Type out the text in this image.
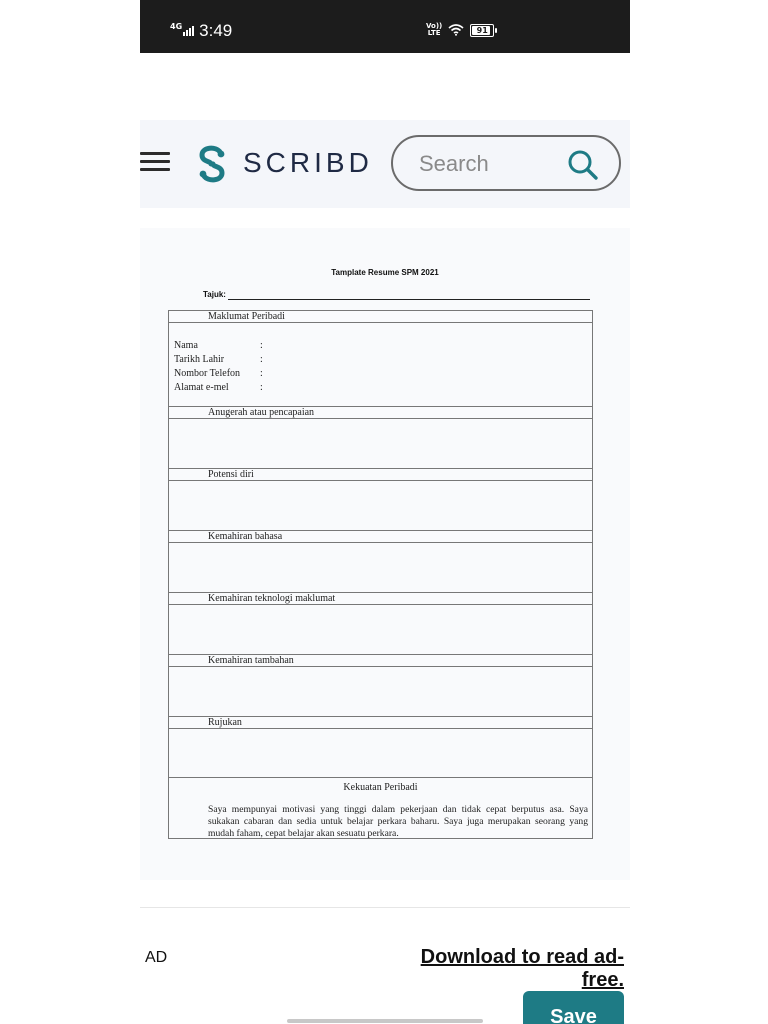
4G 3:49	Vo))
LTE	91
SCRIBD
Search
Tamplate Resume SPM 2021
Tajuk:
Maklumat Peribadi
Nama	:
Tarikh Lahir	:
Nombor Telefon	:
Alamat e-mel	:
Anugerah atau pencapaian
Potensi diri
Kemahiran bahasa
Kemahiran teknologi maklumat
Kemahiran tambahan
Rujukan
Kekuatan Peribadi
Saya mempunyai motivasi yang tinggi dalam pekerjaan dan tidak cepat berputus asa. Saya sukakan cabaran dan sedia untuk belajar perkara baharu. Saya juga merupakan seorang yang mudah faham, cepat belajar akan sesuatu perkara.
AD	Download to read ad-free.
Save
